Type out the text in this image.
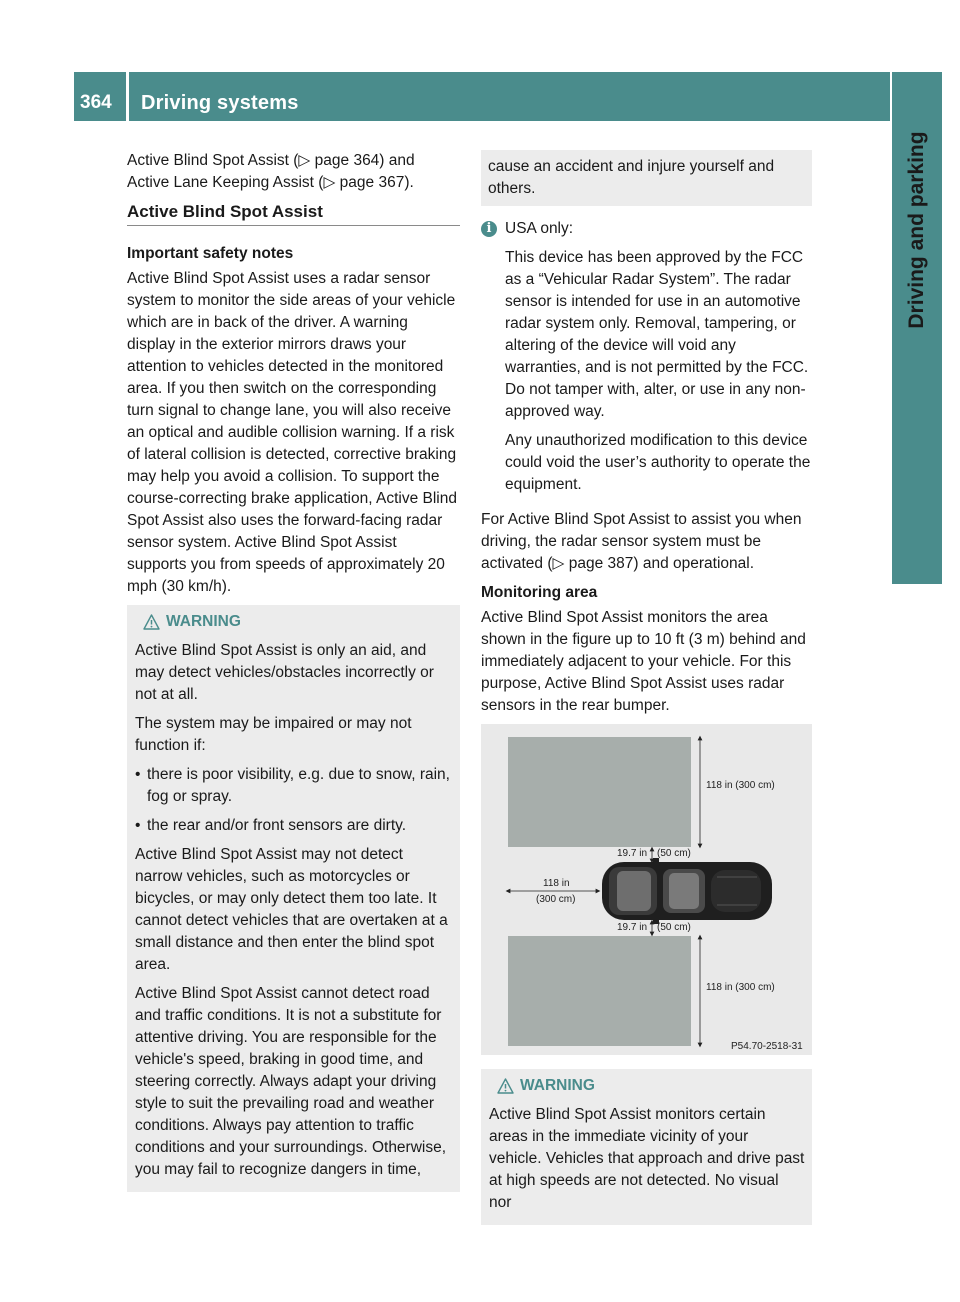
364 Driving systems
Driving and parking

Active Blind Spot Assist (▷ page 364) and Active Lane Keeping Assist (▷ page 367).

Active Blind Spot Assist
Important safety notes

Active Blind Spot Assist uses a radar sensor system to monitor the side areas of your vehicle which are in back of the driver. A warning display in the exterior mirrors draws your attention to vehicles detected in the monitored area. If you then switch on the corresponding turn signal to change lane, you will also receive an optical and audible collision warning. If a risk of lateral collision is detected, corrective braking may help you avoid a collision. To support the course-correcting brake application, Active Blind Spot Assist also uses the forward-facing radar sensor system. Active Blind Spot Assist supports you from speeds of approximately 20 mph (30 km/h).

WARNING

Active Blind Spot Assist is only an aid, and may detect vehicles/obstacles incorrectly or not at all.

The system may be impaired or may not function if:

• there is poor visibility, e.g. due to snow, rain, fog or spray.
• the rear and/or front sensors are dirty.

Active Blind Spot Assist may not detect narrow vehicles, such as motorcycles or bicycles, or may only detect them too late. It cannot detect vehicles that are overtaken at a small distance and then enter the blind spot area.

Active Blind Spot Assist cannot detect road and traffic conditions. It is not a substitute for attentive driving. You are responsible for the vehicle's speed, braking in good time, and steering correctly. Always adapt your driving style to suit the prevailing road and weather conditions. Always pay attention to traffic conditions and your surroundings. Otherwise, you may fail to recognize dangers in time,

cause an accident and injure yourself and others.
i USA only:

This device has been approved by the FCC as a “Vehicular Radar System”. The radar sensor is intended for use in an automotive radar system only. Removal, tampering, or altering of the device will void any warranties, and is not permitted by the FCC. Do not tamper with, alter, or use in any non-approved way.

Any unauthorized modification to this device could void the user’s authority to operate the equipment.

For Active Blind Spot Assist to assist you when driving, the radar sensor system must be activated (▷ page 387) and operational.

Monitoring area

Active Blind Spot Assist monitors the area shown in the figure up to 10 ft (3 m) behind and immediately adjacent to your vehicle. For this purpose, Active Blind Spot Assist uses radar sensors in the rear bumper.

118 in (300 cm)
19.7 in (50 cm)
118 in
(300 cm)
19.7 in (50 cm)
118 in (300 cm)
P54.70-2518-31
WARNING

Active Blind Spot Assist monitors certain areas in the immediate vicinity of your vehicle. Vehicles that approach and drive past at high speeds are not detected. No visual nor
